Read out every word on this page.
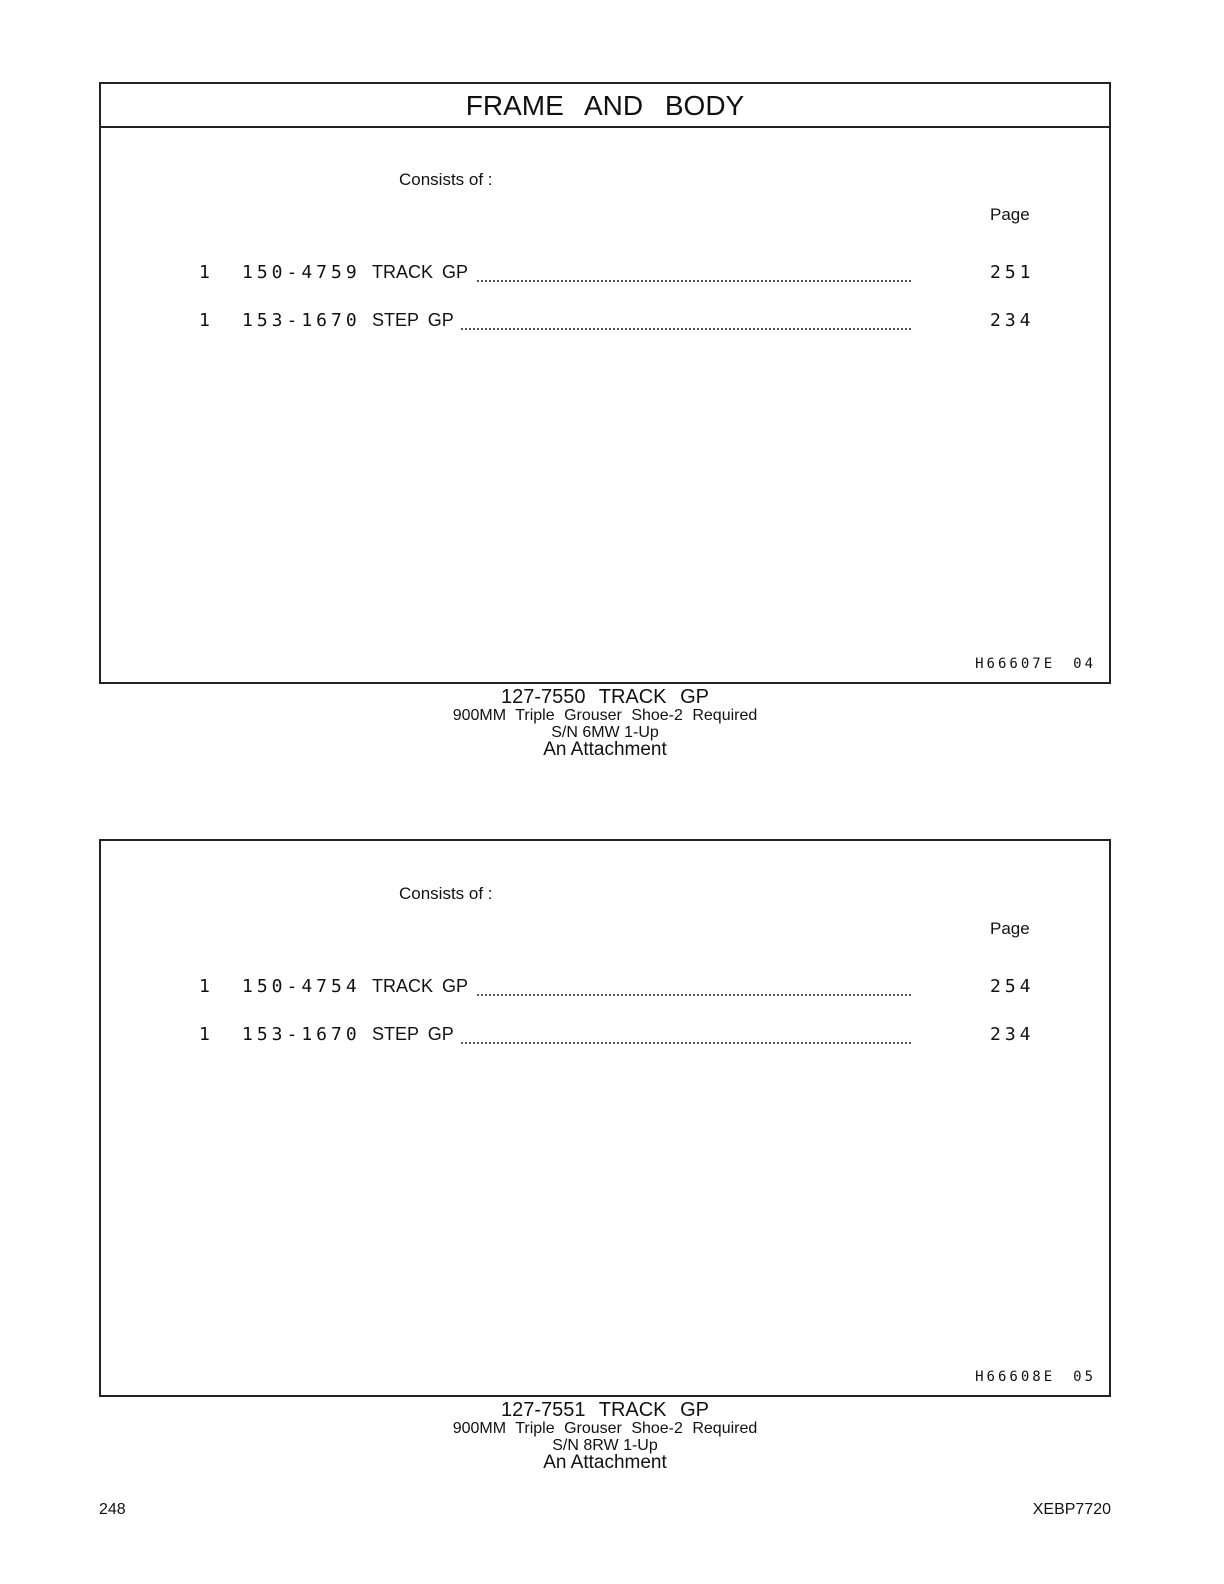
FRAME AND BODY
Consists of :
Page
1 150-4759 TRACK GP	251
1 153-1670 STEP GP	234
H66607E 04
127-7550 TRACK GP
900MM Triple Grouser Shoe-2 Required
S/N 6MW 1-Up
An Attachment
Consists of :
Page
1 150-4754 TRACK GP	254
1 153-1670 STEP GP	234
H66608E 05
127-7551 TRACK GP
900MM Triple Grouser Shoe-2 Required
S/N 8RW 1-Up
An Attachment
248	XEBP7720
